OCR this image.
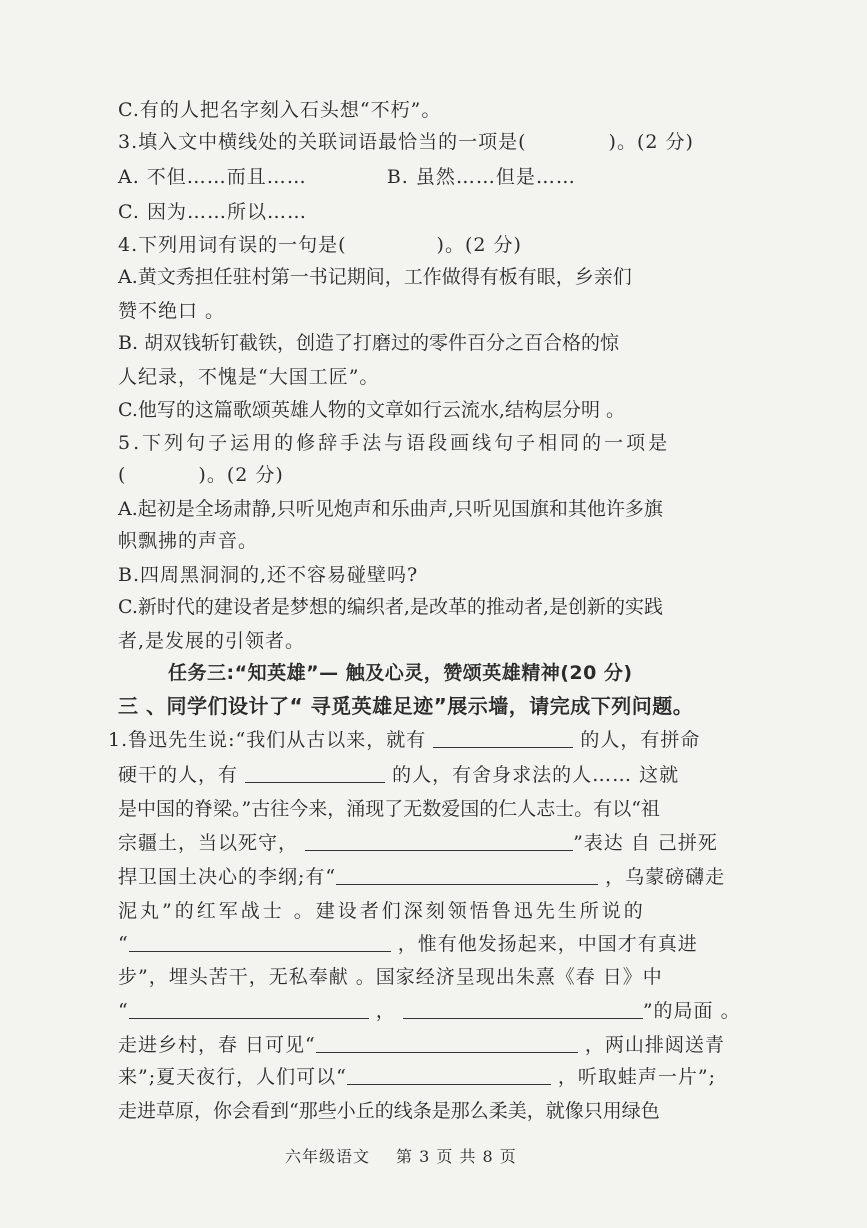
C.有的人把名字刻入石头想“不朽”。
3.填入文中横线处的关联词语最恰当的一项是(	)。(2 分)
A. 不但……而且……	B. 虽然……但是……
C. 因为……所以……
4.下列用词有误的一句是(	)。(2 分)
A.黄文秀担任驻村第一书记期间，工作做得有板有眼，乡亲们
赞不绝口 。
B. 胡双钱斩钉截铁，创造了打磨过的零件百分之百合格的惊
人纪录，不愧是“大国工匠”。
C.他写的这篇歌颂英雄人物的文章如行云流水,结构层分明 。
5.下列句子运用的修辞手法与语段画线句子相同的一项是
(	)。(2 分)
A.起初是全场肃静,只听见炮声和乐曲声,只听见国旗和其他许多旗
帜飘拂的声音。
B.四周黑洞洞的,还不容易碰壁吗?
C.新时代的建设者是梦想的编织者,是改革的推动者,是创新的实践
者,是发展的引领者。
任务三:“知英雄”— 触及心灵，赞颂英雄精神(20 分)
三 、同学们设计了“ 寻觅英雄足迹”展示墙，请完成下列问题。
1.鲁迅先生说:“我们从古以来，就有	的人，有拼命
硬干的人，有	的人，有舍身求法的人…… 这就
是中国的脊梁。”古往今来，涌现了无数爱国的仁人志士。有以“祖
宗疆土，当以死守，	”表达 自 己拼死
捍卫国土决心的李纲;有“	，乌蒙磅礴走
泥丸”的红军战士 。建设者们深刻领悟鲁迅先生所说的
“	，惟有他发扬起来，中国才有真进
步”，埋头苦干，无私奉献 。国家经济呈现出朱熹《春 日》中
“	，	”的局面 。
走进乡村，春 日可见“	，两山排闼送青
来”;夏天夜行，人们可以“	，听取蛙声一片”;
走进草原，你会看到“那些小丘的线条是那么柔美，就像只用绿色
六年级语文 第 3 页 共 8 页
